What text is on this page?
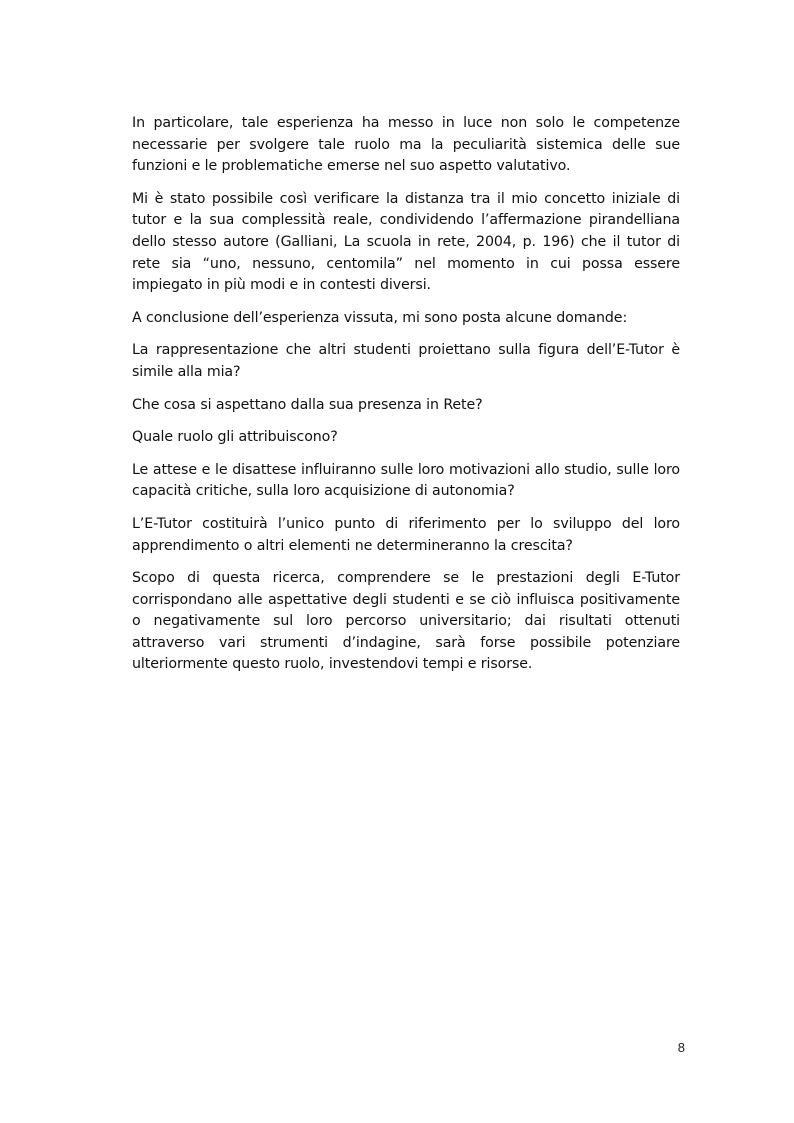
In particolare, tale esperienza ha messo in luce non solo le competenze necessarie per svolgere tale ruolo ma la peculiarità sistemica delle sue funzioni e le problematiche emerse nel suo aspetto valutativo.

Mi è stato possibile così verificare la distanza tra il mio concetto iniziale di tutor e la sua complessità reale, condividendo l’affermazione pirandelliana dello stesso autore (Galliani, La scuola in rete, 2004, p. 196) che il tutor di rete sia “uno, nessuno, centomila” nel momento in cui possa essere impiegato in più modi e in contesti diversi.

A conclusione dell’esperienza vissuta, mi sono posta alcune domande:

La rappresentazione che altri studenti proiettano sulla figura dell’E-Tutor è simile alla mia?

Che cosa si aspettano dalla sua presenza in Rete?

Quale ruolo gli attribuiscono?

Le attese e le disattese influiranno sulle loro motivazioni allo studio, sulle loro capacità critiche, sulla loro acquisizione di autonomia?

L’E-Tutor costituirà l’unico punto di riferimento per lo sviluppo del loro apprendimento o altri elementi ne determineranno la crescita?

Scopo di questa ricerca, comprendere se le prestazioni degli E-Tutor corrispondano alle aspettative degli studenti e se ciò influisca positivamente o negativamente sul loro percorso universitario; dai risultati ottenuti attraverso vari strumenti d’indagine, sarà forse possibile potenziare ulteriormente questo ruolo, investendovi tempi e risorse.

8
